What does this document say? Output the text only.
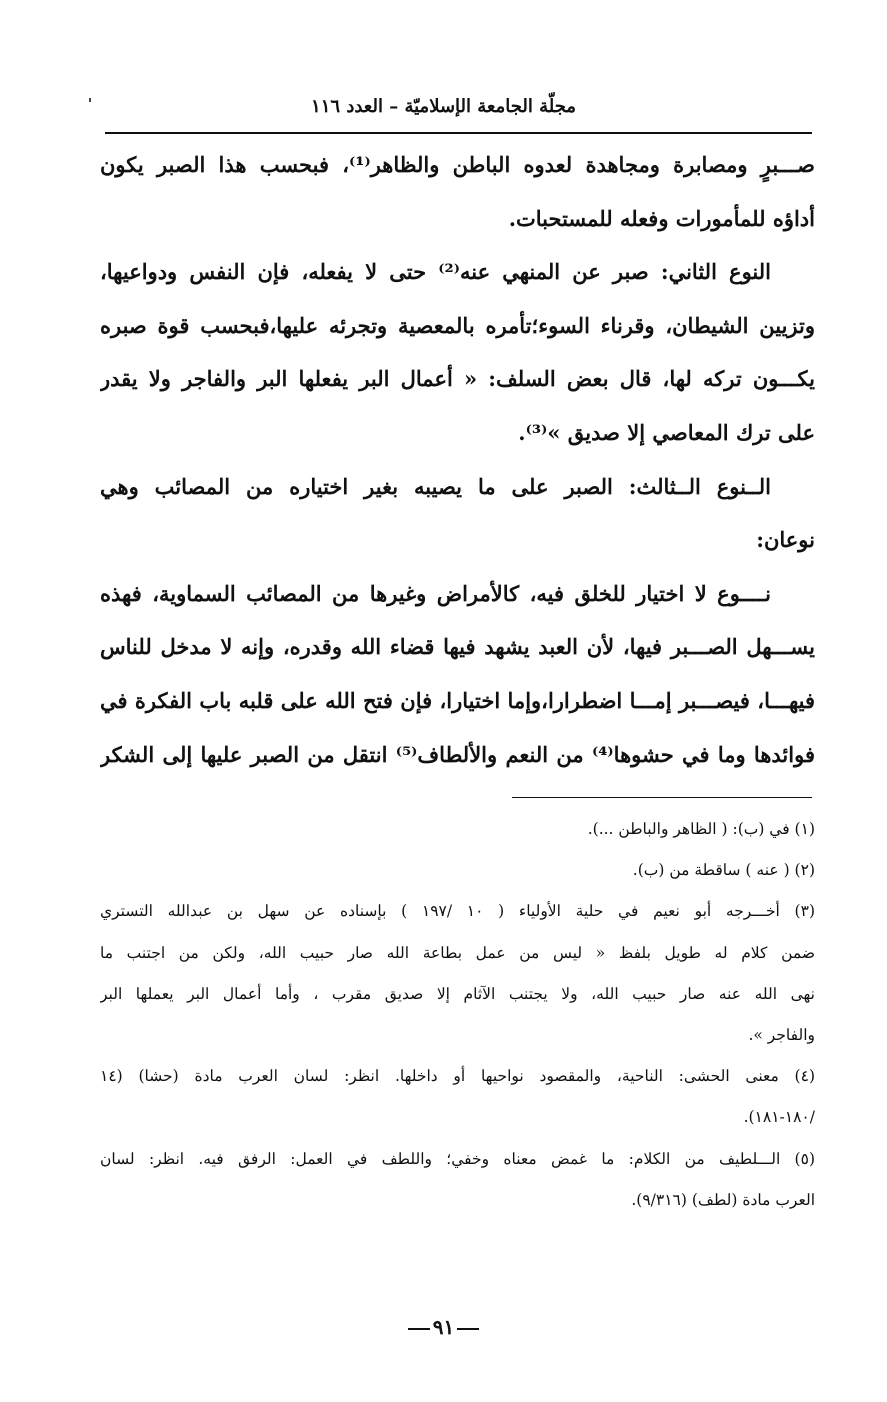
مجلّة الجامعة الإسلاميّة – العدد ١١٦
صـــبرٍ ومصابرة ومجاهدة لعدوه الباطن والظاهر⁽¹⁾، فبحسب هذا الصبر يكون
أداؤه للمأمورات وفعله للمستحبات.
النوع الثاني: صبر عن المنهي عنه⁽²⁾ حتى لا يفعله، فإن النفس ودواعيها،
وتزيين الشيطان، وقرناء السوء؛تأمره بالمعصية وتجرئه عليها،فبحسب قوة صبره
يكـــون تركه لها، قال بعض السلف: « أعمال البر يفعلها البر والفاجر ولا يقدر
على ترك المعاصي إلا صديق »⁽³⁾.
الــنوع الــثالث: الصبر على ما يصيبه بغير اختياره من المصائب وهي
نوعان:
نــــوع لا اختيار للخلق فيه، كالأمراض وغيرها من المصائب السماوية، فهذه
يســـهل الصـــبر فيها، لأن العبد يشهد فيها قضاء الله وقدره، وإنه لا مدخل للناس
فيهـــا، فيصـــبر إمـــا اضطرارا،وإما اختيارا، فإن فتح الله على قلبه باب الفكرة في
فوائدها وما في حشوها⁽⁴⁾ من النعم والألطاف⁽⁵⁾ انتقل من الصبر عليها إلى الشكر
(١) في (ب): ( الظاهر والباطن ...).
(٢) ( عنه ) ساقطة من (ب).
(٣) أخـــرجه أبو نعيم في حلية الأولياء ( ١٠ /١٩٧ ) بإسناده عن سهل بن عبدالله التستري
ضمن كلام له طويل بلفظ « ليس من عمل بطاعة الله صار حبيب الله، ولكن من اجتنب ما
نهى الله عنه صار حبيب الله، ولا يجتنب الآثام إلا صديق مقرب ، وأما أعمال البر يعملها البر
والفاجر ».
(٤) معنى الحشى: الناحية، والمقصود نواحيها أو داخلها. انظر: لسان العرب مادة (حشا) (١٤
/١٨٠-١٨١).
(٥) الـــلطيف من الكلام: ما غمض معناه وخفي؛ واللطف في العمل: الرفق فيه. انظر: لسان
العرب مادة (لطف) (٩/٣١٦).
٩١
